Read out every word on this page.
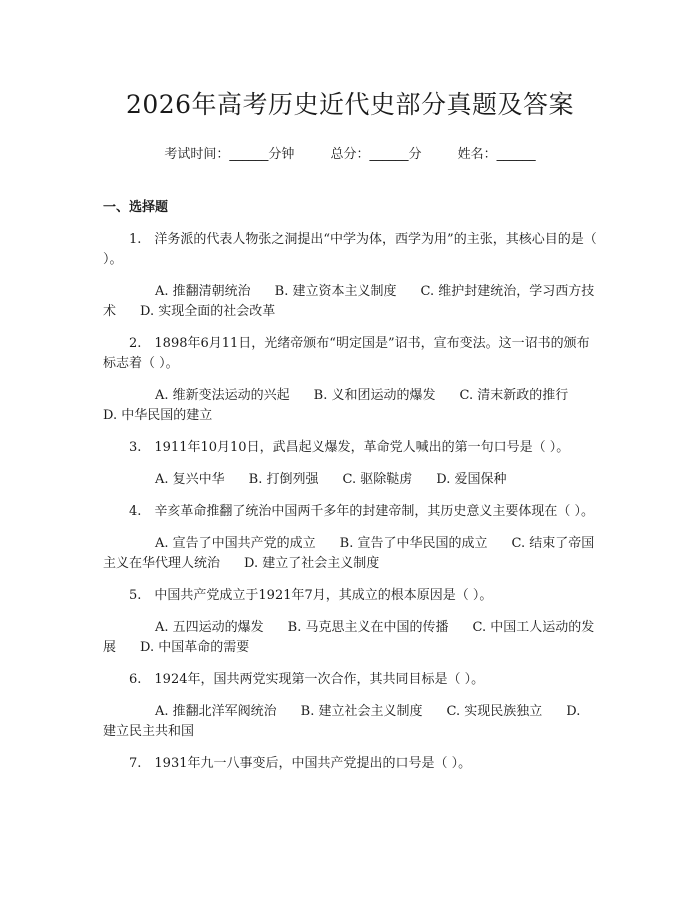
2026年高考历史近代史部分真题及答案
考试时间：______分钟	总分：______分	姓名：______
一、选择题

1.　洋务派的代表人物张之洞提出“中学为体，西学为用”的主张，其核心目的是（ ）。

A. 推翻清朝统治 B. 建立资本主义制度 C. 维护封建统治，学习西方技术 D. 实现全面的社会改革

2.　1898年6月11日，光绪帝颁布“明定国是”诏书，宣布变法。这一诏书的颁布标志着（ ）。

A. 维新变法运动的兴起 B. 义和团运动的爆发 C. 清末新政的推行D. 中华民国的建立

3.　1911年10月10日，武昌起义爆发，革命党人喊出的第一句口号是（ ）。

A. 复兴中华 B. 打倒列强 C. 驱除鞑虏 D. 爱国保种

4.　辛亥革命推翻了统治中国两千多年的封建帝制，其历史意义主要体现在（ ）。

A. 宣告了中国共产党的成立 B. 宣告了中华民国的成立 C. 结束了帝国主义在华代理人统治 D. 建立了社会主义制度

5.　中国共产党成立于1921年7月，其成立的根本原因是（ ）。

A. 五四运动的爆发 B. 马克思主义在中国的传播 C. 中国工人运动的发展 D. 中国革命的需要

6.　1924年，国共两党实现第一次合作，其共同目标是（ ）。

A. 推翻北洋军阀统治 B. 建立社会主义制度 C. 实现民族独立 D. 建立民主共和国

7.　1931年九一八事变后，中国共产党提出的口号是（ ）。
